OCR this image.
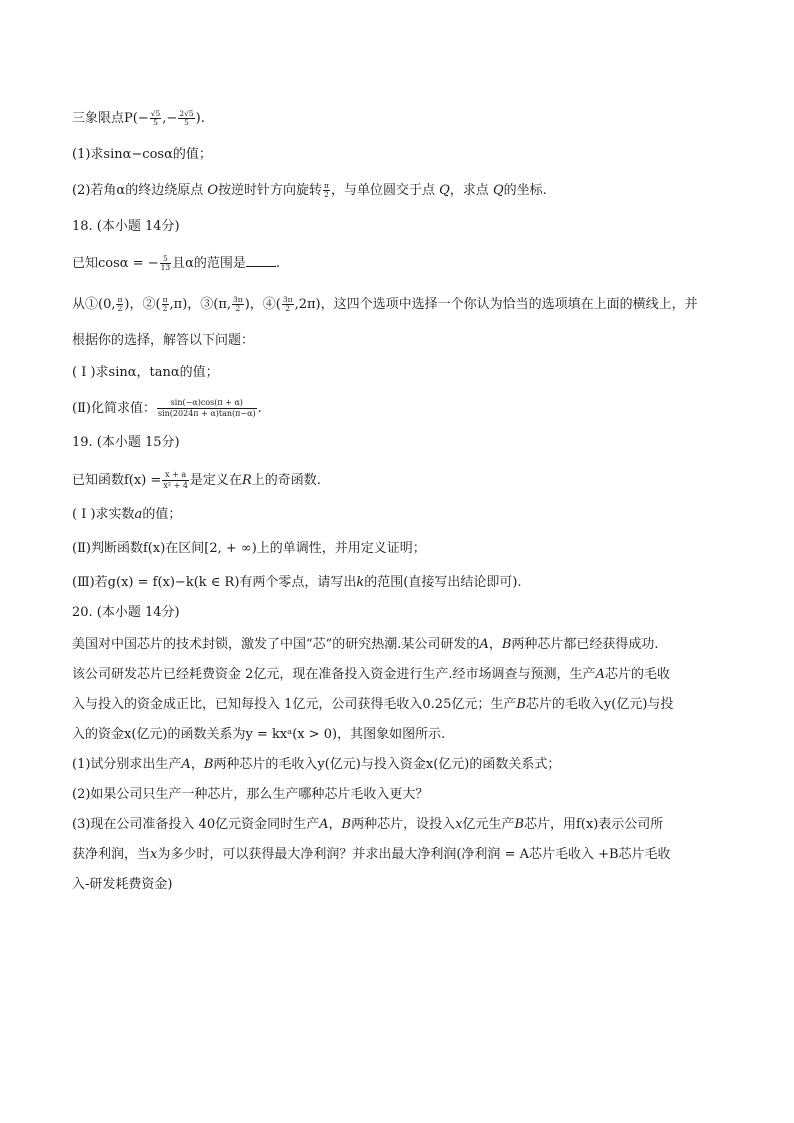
三象限点$P(- \frac{√5}{5}$ ,− $\frac{2√5}{5}$ ).
(1)求sinα−cosα的值；
(2)若角α的终边绕原点 O按逆时针方向旋转 $\frac{\pi}{2}$ ，与单位圆交于点 Q，求点 Q的坐标.
18. (本小题 14分)
已知cosα = − $\frac{5}{13}$ 且α的范围是 .
从①(0, $\frac{\pi}{2}$ )，②( $\frac{\pi}{2} ,\pi$)，③(π, $\frac{3\pi}{2}$ )，④( $\frac{3\pi}{2} ,2\pi$)，这四个选项中选择一个你认为恰当的选项填在上面的横线上，并
根据你的选择，解答以下问题：
( Ⅰ )求sinα，tanα的值；
(Ⅱ)化简求值： $\frac{\sin(-\alpha)\cos(\pi + \alpha)}{\sin(2024\pi + \alpha)\tan(\pi-\alpha)}$ .
19. (本小题 15分)
已知函数$f(x) = \frac{x + a}{\text{x² + 4}}$ 是定义在R上的奇函数.
( Ⅰ )求实数a的值；
(Ⅱ)判断函数f(x)在区间[2, + ∞)上的单调性，并用定义证明；
(Ⅲ)若g(x) = f(x)−k(k ∈ R)有两个零点，请写出k的范围(直接写出结论即可).
20. (本小题 14分)
美国对中国芯片的技术封锁，激发了中国“芯”的研究热潮.某公司研发的A，B两种芯片都已经获得成功.
该公司研发芯片已经耗费资金 2亿元，现在准备投入资金进行生产.经市场调查与预测，生产A芯片的毛收
入与投入的资金成正比，已知每投入 1亿元，公司获得毛收入0.25亿元；生产B芯片的毛收入y(亿元)与投
入的资金x(亿元)的函数关系为y = kxᵃ(x > 0)，其图象如图所示.
(1)试分别求出生产A，B两种芯片的毛收入y(亿元)与投入资金x(亿元)的函数关系式；
(2)如果公司只生产一种芯片，那么生产哪种芯片毛收入更大？
(3)现在公司准备投入 40亿元资金同时生产A，B两种芯片，设投入x亿元生产B芯片，用f(x)表示公司所
获净利润，当x为多少时，可以获得最大净利润？并求出最大净利润(净利润 = A芯片毛收入 +B芯片毛收
入-研发耗费资金)
